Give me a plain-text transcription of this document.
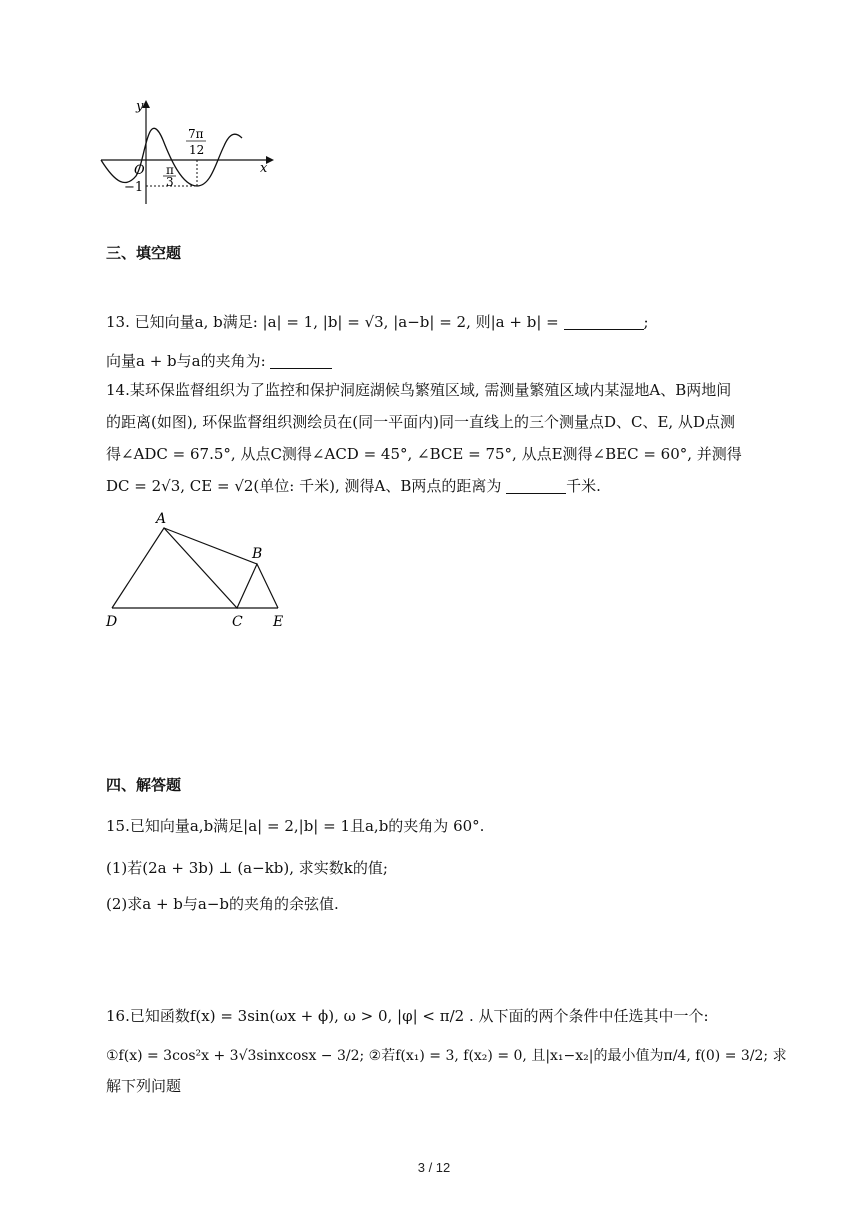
y
x
O
−1
π
3
7π
12
三、填空题
13. 已知向量a, b满足: |a| = 1, |b| = √3, |a−b| = 2, 则|a + b| =	;
向量a + b与a的夹角为:
14.某环保监督组织为了监控和保护洞庭湖候鸟繁殖区域, 需测量繁殖区域内某湿地A、B两地间
的距离(如图), 环保监督组织测绘员在(同一平面内)同一直线上的三个测量点D、C、E, 从D点测
得∠ADC = 67.5°, 从点C测得∠ACD = 45°, ∠BCE = 75°, 从点E测得∠BEC = 60°, 并测得
DC = 2√3, CE = √2(单位: 千米), 测得A、B两点的距离为	千米.
A
B
C
D	E
四、解答题
15.已知向量a,b满足|a| = 2,|b| = 1且a,b的夹角为 60°.
(1)若(2a + 3b) ⊥ (a−kb), 求实数k的值;
(2)求a + b与a−b的夹角的余弦值.
16.已知函数f(x) = 3sin(ωx + ϕ), ω > 0, |φ| < π/2 . 从下面的两个条件中任选其中一个:
①f(x) = 3cos²x + 3√3sinxcosx − 3/2; ②若f(x₁) = 3, f(x₂) = 0, 且|x₁−x₂|的最小值为π/4, f(0) = 3/2; 求
解下列问题
3 / 12
